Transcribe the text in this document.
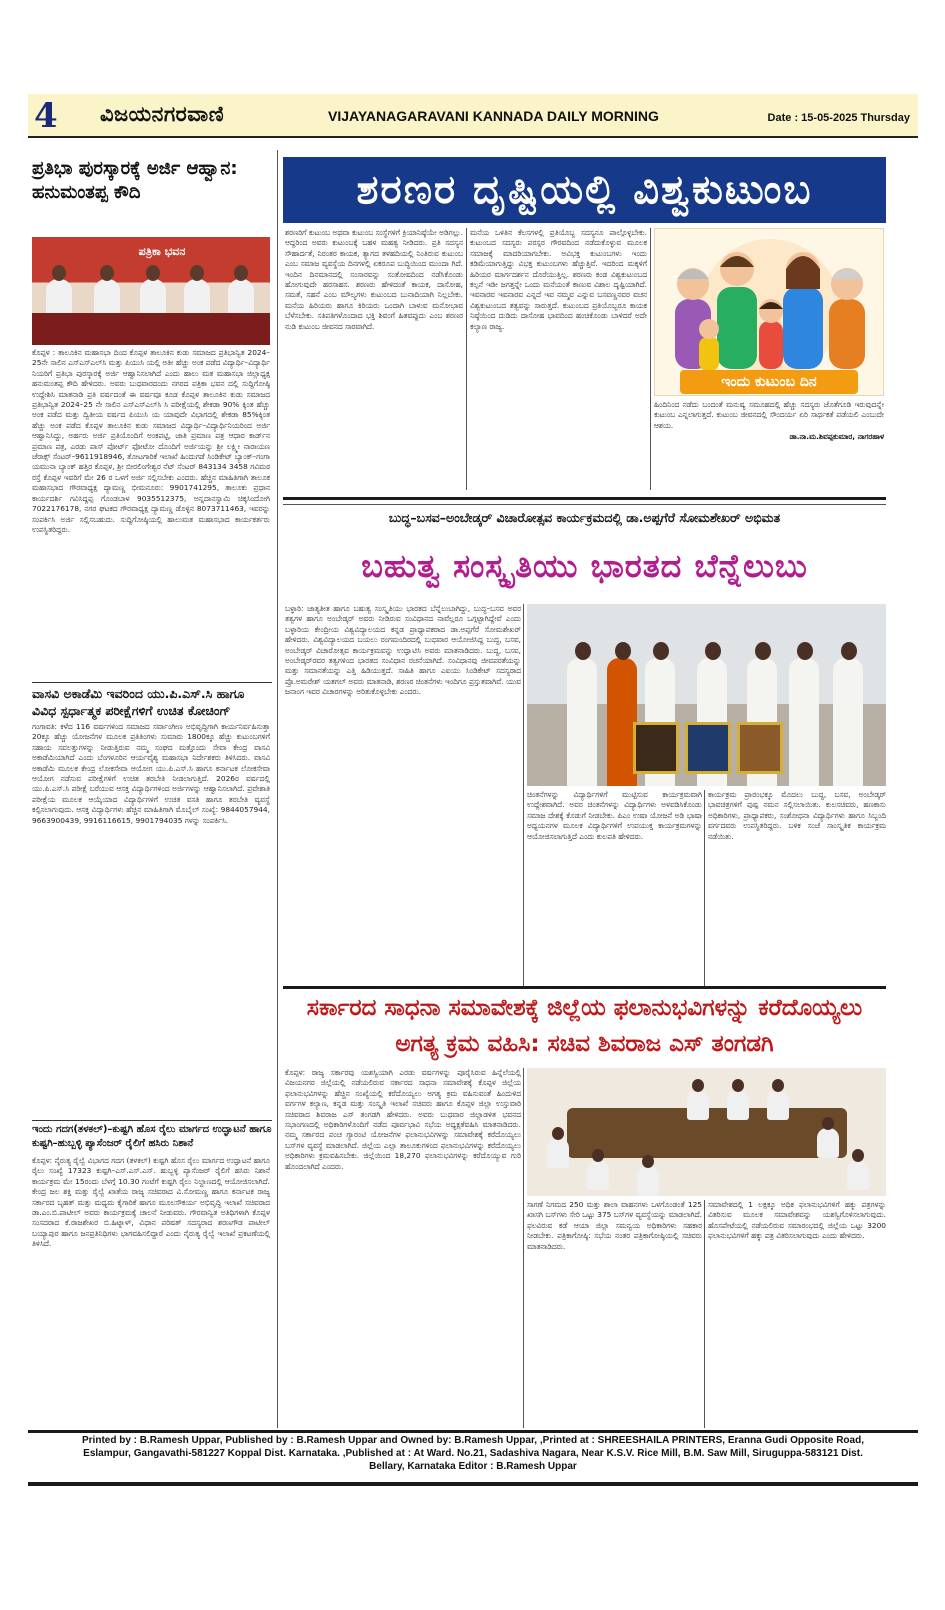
4 ವಿಜಯನಗರವಾಣಿ	VIJAYANAGARAVANI KANNADA DAILY MORNING	Date : 15-05-2025 Thursday
ಪ್ರತಿಭಾ ಪುರಸ್ಕಾರಕ್ಕೆ ಅರ್ಜಿ ಆಹ್ವಾನ: ಹನುಮಂತಪ್ಪ ಕೌದಿ
ಪತ್ರಿಕಾ ಭವನ
ಕೊಪ್ಪಳ : ತಾಲೂಕಿನ ಮಹಾಸಭಾ ದಿಂದ ಕೊಪ್ಪಳ ತಾಲೂಕಿನ ಕುಡು ಸಮಾಜದ ಪ್ರತಿಭಾನ್ವಿತ 2024–25ನೇ ಸಾಲಿನ ಎಸ್ಎಸ್ಎಲ್‌ಸಿ ಮತ್ತು ಪಿಯುಸಿ ಯಲ್ಲಿ ಅತೀ ಹೆಚ್ಚು ಅಂಕ ಪಡೆದ ವಿದ್ಯಾರ್ಥಿ–ವಿದ್ಯಾರ್ಥಿ ನಿಯರಿಗೆ ಪ್ರತಿಭಾ ಪುರಸ್ಕಾರಕ್ಕೆ ಅರ್ಜಿ ಆಹ್ವಾನಿಸಲಾಗಿದೆ ಎಂದು ಹಾಲು ಮತ ಮಹಾಸಭಾ ಜಿಲ್ಲಾಧ್ಯಕ್ಷ ಹನುಮಂತಪ್ಪ ಕೌದಿ ಹೇಳಿದರು. ಅವರು ಬುಧವಾರದಂದು ನಗರದ ಪತ್ರಿಕಾ ಭವನ ದಲ್ಲಿ ಸುದ್ದಿಗೋಷ್ಠಿ ಉದ್ದೇಶಿಸಿ ಮಾತನಾಡಿ ಪ್ರತಿ ವರ್ಷದಂತೆ ಈ ವರ್ಷವೂ ಕೂಡ ಕೊಪ್ಪಳ ತಾಲೂಕಿನ ಕುಡು ಸಮಾಜದ ಪ್ರತಿಭಾನ್ವಿತ 2024–25 ನೇ ಸಾಲಿನ ಎಸ್ಎಸ್ಎಲ್‌ಸಿ ಸಿ ಪರೀಕ್ಷೆಯಲ್ಲಿ ಶೇಕಡಾ 90% ಕ್ಕಿಂತ ಹೆಚ್ಚು ಅಂಕ ಪಡೆದ ಮತ್ತು ದ್ವಿತೀಯ ವರ್ಷದ ಪಿಯುಸಿ ಯ ಯಾವುದೇ ವಿಭಾಗದಲ್ಲಿ ಶೇಕಡಾ 85%ಕ್ಕಿಂತ ಹೆಚ್ಚು ಅಂಕ ಪಡೆದ ಕೊಪ್ಪಳ ತಾಲೂಕಿನ ಕುಡು ಸಮಾಜದ ವಿದ್ಯಾರ್ಥಿ–ವಿದ್ಯಾರ್ಥಿನಿಯರಿಂದ ಅರ್ಜಿ ಆಹ್ವಾನಿಸಿದ್ದು, ಅರ್ಹರು ಅರ್ಜಿ ಪ್ರತಿಯೊಂದಿಗೆ ಅಂಕಪಟ್ಟಿ, ಜಾತಿ ಪ್ರಮಾಣ ಪತ್ರ ಆಧಾರ ಕಾರ್ಡ್‌ನ ಪ್ರಮಾಣ ಪತ್ರ, ಎರಡು ಪಾಸ್ ಪೋರ್ಟ್ ಫೋಟೋ ದೊಂದಿಗೆ ಅರ್ಜಿಯನ್ನು ಶ್ರೀ ಲಕ್ಷ್ಮೀ ನಾರಾಯಣ ಜೆರಾಕ್ಸ್ ಸೆಂಟರ್–9611918946, ತೋಟಗಾರಿಕೆ ಇಲಾಖೆ ಹಿಂದುಗಡೆ ಸಿಂಡಿಕೇಟ್ ಬ್ಯಾಂಕ್–ಗಂಗಾ ಯಮುನಾ ಬ್ಯಾಂಕ್ ಹತ್ತಿರ ಕೊಪ್ಪಳ, ಶ್ರೀ ಬೀರಲಿಂಗೇಶ್ವರ ನೆಟ್ ಸೆಂಟರ್ 843134 3458 ಗವಿಮಠ ರಸ್ತೆ ಕೊಪ್ಪಳ ಇವರಿಗೆ ಮೇ 26 ರ ಒಳಗೆ ಅರ್ಜಿ ಸಲ್ಲಿಸಬೇಕು ಎಂದರು. ಹೆಚ್ಚಿನ ಮಾಹಿತಿಗಾಗಿ ತಾಲೂಕ ಮಹಾಸಭಾದ ಗೌರವಾಧ್ಯಕ್ಷ ದ್ಯಾಮಣ್ಣ ಭೀಮನೂರು: 9901741295, ತಾಲೂಕು ಪ್ರಧಾನ ಕಾರ್ಯದರ್ಶಿ ಗವಿಸಿದ್ದಪ್ಪ ಗೊಂಡಬಾಳ 9035512375, ಅನ್ನದಾನಸ್ವಾಮಿ ಚಿಕ್ಕಸಿಂದೋಗಿ 7022176178, ನಗರ ಘಟಕದ ಗೌರವಾಧ್ಯಕ್ಷ ದ್ಯಾಮಣ್ಣ ಡೊಳ್ಳಿನ 8073711463, ಇವರನ್ನು ಸಂಪರ್ಕಿಸಿ ಅರ್ಜಿ ಸಲ್ಲಿಸಬಹುದು. ಸುದ್ದಿಗೋಷ್ಠಿಯಲ್ಲಿ ಹಾಲುಮತ ಮಹಾಸಭಾದ ಕಾರ್ಯಕರ್ತರು ಉಪಸ್ಥಿತರಿದ್ದರು.
ವಾಸವಿ ಅಕಾಡೆಮಿ ಇವರಿಂದ ಯು.ಪಿ.ಎಸ್.ಸಿ ಹಾಗೂ ವಿವಿಧ ಸ್ಪರ್ಧಾತ್ಮಕ ಪರೀಕ್ಷೆಗಳಿಗೆ ಉಚಿತ ಕೋಚಿಂಗ್
ಗಂಗಾವತಿ: ಕಳೆದ 116 ವರ್ಷಗಳಿಂದ ಸಮಾಜದ ಸರ್ವಾಂಗೀಣ ಅಭಿವೃದ್ಧಿಗಾಗಿ ಕಾರ್ಯನಿರ್ವಹಿಸುತ್ತಾ 20ಕ್ಕೂ ಹೆಚ್ಚು ಯೋಜನೆಗಳ ಮೂಲಕ ಪ್ರತಿತಿಂಗಳು ಸುಮಾರು 1800ಕ್ಕೂ ಹೆಚ್ಚು ಕುಟುಂಬಗಳಿಗೆ ಸಹಾಯ ಸವಲತ್ತುಗಳನ್ನು ನೀಡುತ್ತಿರುವ ನಮ್ಮ ಸಂಘದ ಮತ್ತೊಂದು ಸೇವಾ ಕೇಂದ್ರ ವಾಸವಿ ಅಕಾಡೆಮಿಯಾಗಿದೆ ಎಂದು ಬೆಂಗಳೂರಿನ ಆರ್ಯವೈಶ್ಯ ಮಹಾಸಭಾ ನಿರ್ದೇಶಕರು ತಿಳಿಸಿದರು. ವಾಸವಿ ಅಕಾಡೆಮಿ ಮೂಲಕ ಕೇಂದ್ರ ಲೋಕಸೇವಾ ಆಯೋಗ ಯು.ಪಿ.ಎಸ್.ಸಿ ಹಾಗೂ ಕರ್ನಾಟಕ ಲೋಕಸೇವಾ ಆಯೋಗ ನಡೆಸುವ ಪರೀಕ್ಷೆಗಳಿಗೆ ಉಚಿತ ತರಬೇತಿ ನೀಡಲಾಗುತ್ತಿದೆ. 2026ರ ವರ್ಷದಲ್ಲಿ ಯು.ಪಿ.ಎಸ್.ಸಿ ಪರೀಕ್ಷೆ ಬರೆಯುವ ಆಸಕ್ತ ವಿದ್ಯಾರ್ಥಿಗಳಿಂದ ಅರ್ಜಿಗಳನ್ನು ಆಹ್ವಾನಿಸಲಾಗಿದೆ. ಪ್ರವೇಶಾತಿ ಪರೀಕ್ಷೆಯ ಮೂಲಕ ಆಯ್ಕೆಯಾದ ವಿದ್ಯಾರ್ಥಿಗಳಿಗೆ ಉಚಿತ ವಸತಿ ಹಾಗೂ ತರಬೇತಿ ವ್ಯವಸ್ಥೆ ಕಲ್ಪಿಸಲಾಗುವುದು. ಆಸಕ್ತ ವಿದ್ಯಾರ್ಥಿಗಳು ಹೆಚ್ಚಿನ ಮಾಹಿತಿಗಾಗಿ ಮೊಬೈಲ್ ಸಂಖ್ಯೆ: 9844057944, 9663900439, 9916116615, 9901794035 ಗಳನ್ನು ಸಂಪರ್ಕಿಸಿ.
ಇಂದು ಗದಗ(ತಳಕಲ್)–ಕುಷ್ಟಗಿ ಹೊಸ ರೈಲು ಮಾರ್ಗದ ಉದ್ಘಾಟನೆ ಹಾಗೂ ಕುಷ್ಟಗಿ–ಹುಬ್ಬಳ್ಳಿ ಪ್ಯಾಸೆಂಜರ್ ರೈಲಿಗೆ ಹಸಿರು ನಿಶಾನೆ
ಕೊಪ್ಪಳ: ನೈರುತ್ಯ ರೈಲ್ವೆ ವಿಭಾಗದ ಗದಗ (ತಳಕಲ್) ಕುಷ್ಟಗಿ ಹೊಸ ರೈಲು ಮಾರ್ಗದ ಉದ್ಘಾಟನೆ ಹಾಗೂ ರೈಲು ಸಂಖ್ಯೆ 17323 ಕುಷ್ಟಗಿ–ಎಸ್.ಎಸ್.ಎಸ್. ಹುಬ್ಬಳ್ಳಿ ಪ್ಯಾಸೆಂಜರ್ ರೈಲಿಗೆ ಹಸಿರು ನಿಶಾನೆ ಕಾರ್ಯಕ್ರಮ ಮೇ 15ರಂದು ಬೆಳಗ್ಗೆ 10.30 ಗಂಟೆಗೆ ಕುಷ್ಟಗಿ ರೈಲು ನಿಲ್ದಾಣದಲ್ಲಿ ಆಯೋಜಿಸಲಾಗಿದೆ. ಕೇಂದ್ರ ಜಲ ಶಕ್ತಿ ಮತ್ತು ರೈಲ್ವೆ ಖಾತೆಯ ರಾಜ್ಯ ಸಚಿವರಾದ ವಿ.ಸೋಮಣ್ಣ ಹಾಗೂ ಕರ್ನಾಟಕ ರಾಜ್ಯ ಸರ್ಕಾರದ ಬೃಹತ್ ಮತ್ತು ಮಧ್ಯಮ ಕೈಗಾರಿಕೆ ಹಾಗೂ ಮೂಲಸೌಕರ್ಯ ಅಭಿವೃದ್ಧಿ ಇಲಾಖೆ ಸಚಿವರಾದ ಡಾ.ಎಂ.ಬಿ.ಪಾಟೀಲ್ ಅವರು ಕಾರ್ಯಕ್ರಮಕ್ಕೆ ಚಾಲನೆ ನೀಡುವರು. ಗೌರವಾನ್ವಿತ ಅತಿಥಿಗಳಾಗಿ ಕೊಪ್ಪಳ ಸಂಸದರಾದ ಕೆ.ರಾಜಶೇಖರ ಬಿ.ಹಿಟ್ನಾಳ್, ವಿಧಾನ ಪರಿಷತ್ ಸದಸ್ಯರಾದ ಶರಣಗೌಡ ಪಾಟೀಲ್ ಬಯ್ಯಾಪುರ ಹಾಗೂ ಜನಪ್ರತಿನಿಧಿಗಳು ಭಾಗವಹಿಸಲಿದ್ದಾರೆ ಎಂದು ನೈರುತ್ಯ ರೈಲ್ವೆ ಇಲಾಖೆ ಪ್ರಕಟಣೆಯಲ್ಲಿ ತಿಳಿಸಿದೆ.
ಶರಣರ ದೃಷ್ಟಿಯಲ್ಲಿ ವಿಶ್ವಕುಟುಂಬ
ಶರಣರಿಗೆ ಕುಟುಂಬ ಅಥವಾ ಕುಟುಂಬ ಸಂಸ್ಥೆಗಳಿಗೆ ಕ್ರಿಯಾನಿಷ್ಠೆಯೇ ಅಡಿಗಲ್ಲು. ಆದ್ದರಿಂದ ಅವರು ಕುಟುಂಬಕ್ಕೆ ಬಹಳ ಮಹತ್ವ ನೀಡಿದರು. ಪ್ರತಿ ಸದಸ್ಯನ ಸೌಹಾರ್ದತೆ, ನಿರಂತರ ಕಾಯಕ, ತ್ಯಾಗದ ತಳಹದಿಯಲ್ಲಿ ನಿಂತಿರುವ ಕುಟುಂಬ ಎಂಬ ಸಮಾಜ ವ್ಯವಸ್ಥೆಯ ದಿನಗಳಲ್ಲಿ ಏಕರೂಪ ಬುದ್ಧಿಯಿಂದ ಮುಂದಾ ಗಿದೆ. ಇಂದಿನ ದಿನಮಾನದಲ್ಲಿ ಸಂಸಾರವನ್ನು ಸಂತೋಷದಿಂದ ನಡೆಸಿಕೊಂಡು ಹೋಗುವುದೇ ಹರಸಾಹಸ. ಶರಣರು ಹೇಳಿದಂತೆ ಕಾಯಕ, ದಾಸೋಹ, ಸಮತೆ, ಸಹನೆ ಎಂಬ ಮೌಲ್ಯಗಳು ಕುಟುಂಬದ ಬುನಾದಿಯಾಗಿ ನಿಲ್ಲಬೇಕು. ಮನೆಯ ಹಿರಿಯರು ಹಾಗೂ ಕಿರಿಯರು ಒಂದಾಗಿ ಬಾಳುವ ಮನೋಭಾವ ಬೆಳೆಸಬೇಕು. ಸತಿಪತಿಗಳೊಂದಾದ ಭಕ್ತಿ ಶಿವಂಗೆ ಹಿತವಪ್ಪುದು ಎಂಬ ಶರಣರ ನುಡಿ ಕುಟುಂಬ ಜೀವನದ ಸಾರವಾಗಿದೆ.
ಮನೆಯ ಒಳಿತಿನ ಕೆಲಸಗಳಲ್ಲಿ ಪ್ರತಿಯೊಬ್ಬ ಸದಸ್ಯನೂ ಪಾಲ್ಗೊಳ್ಳಬೇಕು. ಕುಟುಂಬದ ಸದಸ್ಯರು ಪರಸ್ಪರ ಗೌರವದಿಂದ ನಡೆದುಕೊಳ್ಳುವ ಮೂಲಕ ಸಮಾಜಕ್ಕೆ ಮಾದರಿಯಾಗಬೇಕು. ಅವಿಭಕ್ತ ಕುಟುಂಬಗಳು ಇಂದು ಕಡಿಮೆಯಾಗುತ್ತಿದ್ದು ವಿಭಕ್ತ ಕುಟುಂಬಗಳು ಹೆಚ್ಚುತ್ತಿವೆ. ಇದರಿಂದ ಮಕ್ಕಳಿಗೆ ಹಿರಿಯರ ಮಾರ್ಗದರ್ಶನ ದೊರೆಯುತ್ತಿಲ್ಲ. ಶರಣರು ಕಂಡ ವಿಶ್ವಕುಟುಂಬದ ಕಲ್ಪನೆ ಇಡೀ ಜಗತ್ತನ್ನೇ ಒಂದು ಮನೆಯಂತೆ ಕಾಣುವ ವಿಶಾಲ ದೃಷ್ಟಿಯಾಗಿದೆ. ಇವನಾರವ ಇವನಾರವ ಎನ್ನದೆ ಇವ ನಮ್ಮವ ಎನ್ನುವ ಬಸವಣ್ಣನವರ ವಚನ ವಿಶ್ವಕುಟುಂಬದ ತತ್ವವನ್ನು ಸಾರುತ್ತದೆ. ಕುಟುಂಬದ ಪ್ರತಿಯೊಬ್ಬರೂ ಕಾಯಕ ನಿಷ್ಠೆಯಿಂದ ದುಡಿದು ದಾಸೋಹ ಭಾವದಿಂದ ಹಂಚಿಕೊಂಡು ಬಾಳಿದರೆ ಅದೇ ಕಲ್ಯಾಣ ರಾಜ್ಯ.
ಇಂದು ಕುಟುಂಬ ದಿನ

ಹಿಂದಿನಿಂದ ನಡೆದು ಬಂದಂತೆ ಮನುಷ್ಯ ಸಮೂಹದಲ್ಲಿ ಹೆಚ್ಚು ಸದಸ್ಯರು ಜೊತೆಗೂಡಿ ಇರುವುದನ್ನೇ ಕುಟುಂಬ ಎನ್ನಲಾಗುತ್ತದೆ. ಕುಟುಂಬ ಜೀವನದಲ್ಲಿ ಸೌಂದರ್ಯ ಏರಿ ಸಾರ್ಥಕತೆ ಪಡೆಯಲಿ ಎಂಬುದೇ ಆಶಯ.

ಡಾ.ನಾ.ಮ.ಶಿವಪ್ಪಕುಮಾರ, ನಾಗರಹಾಳ

ಬುದ್ಧ–ಬಸವ–ಅಂಬೇಡ್ಕರ್ ವಿಚಾರೋತ್ಸವ ಕಾರ್ಯಕ್ರಮದಲ್ಲಿ ಡಾ.ಅಪ್ಪಗೆರೆ ಸೋಮಶೇಖರ್ ಅಭಿಮತ
ಬಹುತ್ವ ಸಂಸ್ಕೃತಿಯು ಭಾರತದ ಬೆನ್ನೆಲುಬು
ಬಳ್ಳಾರಿ: ಜಾತ್ಯತೀತ ಹಾಗೂ ಬಹುತ್ವ ಸಂಸ್ಕೃತಿಯು ಭಾರತದ ಬೆನ್ನೆಲುಬಾಗಿದ್ದು, ಬುದ್ಧ–ಬಸವ ಅವರ ತತ್ವಗಳ ಹಾಗೂ ಅಂಬೇಡ್ಕರ್ ಅವರು ನೀಡಿರುವ ಸಂವಿಧಾನದ ನಾವೆಲ್ಲರೂ ಒಗ್ಗಟ್ಟಾಗಿದ್ದೇವೆ ಎಂದು ಬಳ್ಳಾರಿಯ ಕೇಂದ್ರೀಯ ವಿಶ್ವವಿದ್ಯಾಲಯದ ಕನ್ನಡ ಪ್ರಾಧ್ಯಾಪಕರಾದ ಡಾ.ಅಪ್ಪಗೆರೆ ಸೋಮಶೇಖರ್ ಹೇಳಿದರು. ವಿಶ್ವವಿದ್ಯಾಲಯದ ಬಯಲು ರಂಗಮಂದಿರದಲ್ಲಿ ಬುಧವಾರ ಆಯೋಜಿಸಿದ್ದ ಬುದ್ಧ, ಬಸವ, ಅಂಬೇಡ್ಕರ್ ವಿಚಾರೋತ್ಸವ ಕಾರ್ಯಕ್ರಮವನ್ನು ಉದ್ಘಾಟಿಸಿ ಅವರು ಮಾತನಾಡಿದರು. ಬುದ್ಧ, ಬಸವ, ಅಂಬೇಡ್ಕರ್‌ರವರ ತತ್ವಗಳಿಂದ ಭಾರತದ ಸಂವಿಧಾನ ರಚನೆಯಾಗಿದೆ. ಸಂವಿಧಾನವು ಜೀವಪರತೆಯನ್ನು ಮತ್ತು ಸಮಾನತೆಯನ್ನು ಎತ್ತಿ ಹಿಡಿಯುತ್ತದೆ. ಸಾಹಿತಿ ಹಾಗೂ ಎಐಯು ಸಿಂಡಿಕೇಟ್ ಸದಸ್ಯರಾದ ಪ್ರೊ.ಅಮರೇಶ್ ಯತಗಲ್ ಅವರು ಮಾತನಾಡಿ, ಶರಣರ ಚಿಂತನೆಗಳು ಇಂದಿಗೂ ಪ್ರಸ್ತುತವಾಗಿವೆ. ಯುವ ಜನಾಂಗ ಇವರ ವಿಚಾರಗಳನ್ನು ಅರಿತುಕೊಳ್ಳಬೇಕು ಎಂದರು.
ಚಿಂತನೆಗಳನ್ನು ವಿದ್ಯಾರ್ಥಿಗಳಿಗೆ ಮುಟ್ಟಿಸುವ ಕಾರ್ಯಕ್ರಮವಾಗಿ ಉದ್ದೇಶವಾಗಿದೆ. ಅವರ ಚಿಂತನೆಗಳನ್ನು ವಿದ್ಯಾರ್ಥಿಗಳು ಅಳವಡಿಸಿಕೊಂಡು ಸಮಾಜ ದೇಶಕ್ಕೆ ಕೊಡುಗೆ ನೀಡಬೇಕು. ಪಿಎಂ ಉಷಾ ಯೋಜನೆ ಅಡಿ ಭಾಷಾ ಅಧ್ಯಯನಗಳ ಮೂಲಕ ವಿದ್ಯಾರ್ಥಿಗಳಿಗೆ ಉಪಯುಕ್ತ ಕಾರ್ಯಕ್ರಮಗಳನ್ನು ಆಯೋಜಿಸಲಾಗುತ್ತಿದೆ ಎಂದು ಕುಲಪತಿ ಹೇಳಿದರು.
ಕಾರ್ಯಕ್ರಮ ಪ್ರಾರಂಭಕ್ಕೂ ಮೊದಲು ಬುದ್ಧ, ಬಸವ, ಅಂಬೇಡ್ಕರ್ ಭಾವಚಿತ್ರಗಳಿಗೆ ಪುಷ್ಪ ನಮನ ಸಲ್ಲಿಸಲಾಯಿತು. ಕುಲಸಚಿವರು, ಹಣಕಾಸು ಅಧಿಕಾರಿಗಳು, ಪ್ರಾಧ್ಯಾಪಕರು, ಸಂಶೋಧನಾ ವಿದ್ಯಾರ್ಥಿಗಳು ಹಾಗೂ ಸಿಬ್ಬಂದಿ ವರ್ಗದವರು ಉಪಸ್ಥಿತರಿದ್ದರು. ಬಳಿಕ ಸಂಜೆ ಸಾಂಸ್ಕೃತಿಕ ಕಾರ್ಯಕ್ರಮ ನಡೆಯಿತು.
ಸರ್ಕಾರದ ಸಾಧನಾ ಸಮಾವೇಶಕ್ಕೆ ಜಿಲ್ಲೆಯ ಫಲಾನುಭವಿಗಳನ್ನು ಕರೆದೊಯ್ಯಲು ಅಗತ್ಯ ಕ್ರಮ ವಹಿಸಿ: ಸಚಿವ ಶಿವರಾಜ ಎಸ್ ತಂಗಡಗಿ
ಕೊಪ್ಪಳ: ರಾಜ್ಯ ಸರ್ಕಾರವು ಯಶಸ್ವಿಯಾಗಿ ಎರಡು ವರ್ಷಗಳನ್ನು ಪೂರೈಸಿರುವ ಹಿನ್ನೆಲೆಯಲ್ಲಿ ವಿಜಯನಗರ ಜಿಲ್ಲೆಯಲ್ಲಿ ನಡೆಯಲಿರುವ ಸರ್ಕಾರದ ಸಾಧನಾ ಸಮಾವೇಶಕ್ಕೆ ಕೊಪ್ಪಳ ಜಿಲ್ಲೆಯ ಫಲಾನುಭವಿಗಳನ್ನು ಹೆಚ್ಚಿನ ಸಂಖ್ಯೆಯಲ್ಲಿ ಕರೆದೊಯ್ಯಲು ಅಗತ್ಯ ಕ್ರಮ ವಹಿಸುವಂತೆ ಹಿಂದುಳಿದ ವರ್ಗಗಳ ಕಲ್ಯಾಣ, ಕನ್ನಡ ಮತ್ತು ಸಂಸ್ಕೃತಿ ಇಲಾಖೆ ಸಚಿವರು ಹಾಗೂ ಕೊಪ್ಪಳ ಜಿಲ್ಲಾ ಉಸ್ತುವಾರಿ ಸಚಿವರಾದ ಶಿವರಾಜ ಎಸ್ ತಂಗಡಗಿ ಹೇಳಿದರು. ಅವರು ಬುಧವಾರ ಜಿಲ್ಲಾಡಳಿತ ಭವನದ ಸಭಾಂಗಣದಲ್ಲಿ ಅಧಿಕಾರಿಗಳೊಂದಿಗೆ ನಡೆದ ಪೂರ್ವಭಾವಿ ಸಭೆಯ ಅಧ್ಯಕ್ಷತೆವಹಿಸಿ ಮಾತನಾಡಿದರು. ನಮ್ಮ ಸರ್ಕಾರದ ಪಂಚ ಗ್ಯಾರಂಟಿ ಯೋಜನೆಗಳ ಫಲಾನುಭವಿಗಳನ್ನು ಸಮಾವೇಶಕ್ಕೆ ಕರೆದೊಯ್ಯಲು ಬಸ್‌ಗಳ ವ್ಯವಸ್ಥೆ ಮಾಡಲಾಗಿದೆ. ಜಿಲ್ಲೆಯ ಎಲ್ಲಾ ತಾಲೂಕುಗಳಿಂದ ಫಲಾನುಭವಿಗಳನ್ನು ಕರೆದೊಯ್ಯಲು ಅಧಿಕಾರಿಗಳು ಕ್ರಮವಹಿಸಬೇಕು. ಜಿಲ್ಲೆಯಿಂದ 18,270 ಫಲಾನುಭವಿಗಳನ್ನು ಕರೆದೊಯ್ಯುವ ಗುರಿ ಹೊಂದಲಾಗಿದೆ ಎಂದರು.
ಸಾಗಣೆ ನಿಗಮದ 250 ಮತ್ತು ಶಾಲಾ ವಾಹನಗಳು ಒಳಗೊಂಡಂತೆ 125 ಖಾಸಗಿ ಬಸ್‌ಗಳು ಸೇರಿ ಒಟ್ಟು 375 ಬಸ್‌ಗಳ ವ್ಯವಸ್ಥೆಯನ್ನು ಮಾಡಲಾಗಿದೆ. ಫಲವಿರುವ ಕಡೆ ಆಯಾ ಜಿಲ್ಲಾ ಸಮನ್ವಯ ಅಧಿಕಾರಿಗಳು ಸಹಕಾರ ನೀಡಬೇಕು. ಪತ್ರಿಕಾಗೋಷ್ಠಿ: ಸಭೆಯ ನಂತರ ಪತ್ರಿಕಾಗೋಷ್ಠಿಯಲ್ಲಿ ಸಚಿವರು ಮಾತನಾಡಿದರು.
ಸಮಾವೇಶದಲ್ಲಿ 1 ಲಕ್ಷಕ್ಕೂ ಅಧಿಕ ಫಲಾನುಭವಿಗಳಿಗೆ ಹಕ್ಕು ಪತ್ರಗಳನ್ನು ವಿತರಿಸುವ ಮೂಲಕ ಸಮಾವೇಶವನ್ನು ಯಶಸ್ವಿಗೊಳಿಸಲಾಗುವುದು. ಹೊಸಪೇಟೆಯಲ್ಲಿ ನಡೆಯಲಿರುವ ಸಮಾರಂಭದಲ್ಲಿ ಜಿಲ್ಲೆಯ ಒಟ್ಟು 3200 ಫಲಾನುಭವಿಗಳಿಗೆ ಹಕ್ಕು ಪತ್ರ ವಿತರಿಸಲಾಗುವುದು ಎಂದು ಹೇಳಿದರು.
Printed by : B.Ramesh Uppar, Published by : B.Ramesh Uppar and Owned by: B.Ramesh Uppar, ,Printed at : SHREESHAILA PRINTERS, Eranna Gudi Opposite Road,
Eslampur, Gangavathi-581227 Koppal Dist. Karnataka. ,Published at : At Ward. No.21, Sadashiva Nagara, Near K.S.V. Rice Mill, B.M. Saw Mill, Siruguppa-583121 Dist.
Bellary, Karnataka Editor : B.Ramesh Uppar
